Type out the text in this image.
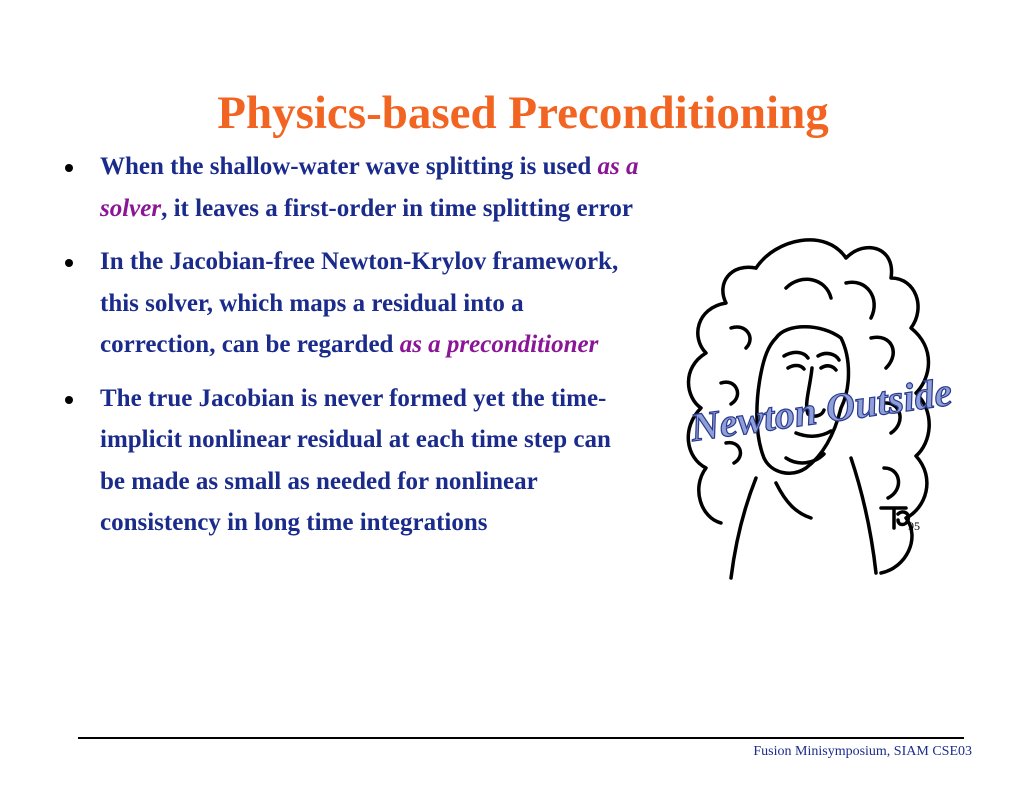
Physics-based Preconditioning
When the shallow-water wave splitting is used as a solver, it leaves a first-order in time splitting error
In the Jacobian-free Newton-Krylov framework, this solver, which maps a residual into a correction, can be regarded as a preconditioner
The true Jacobian is never formed yet the time-implicit nonlinear residual at each time step can be made as small as needed for nonlinear consistency in long time integrations	95
Newton Outside
Fusion Minisymposium, SIAM CSE03
